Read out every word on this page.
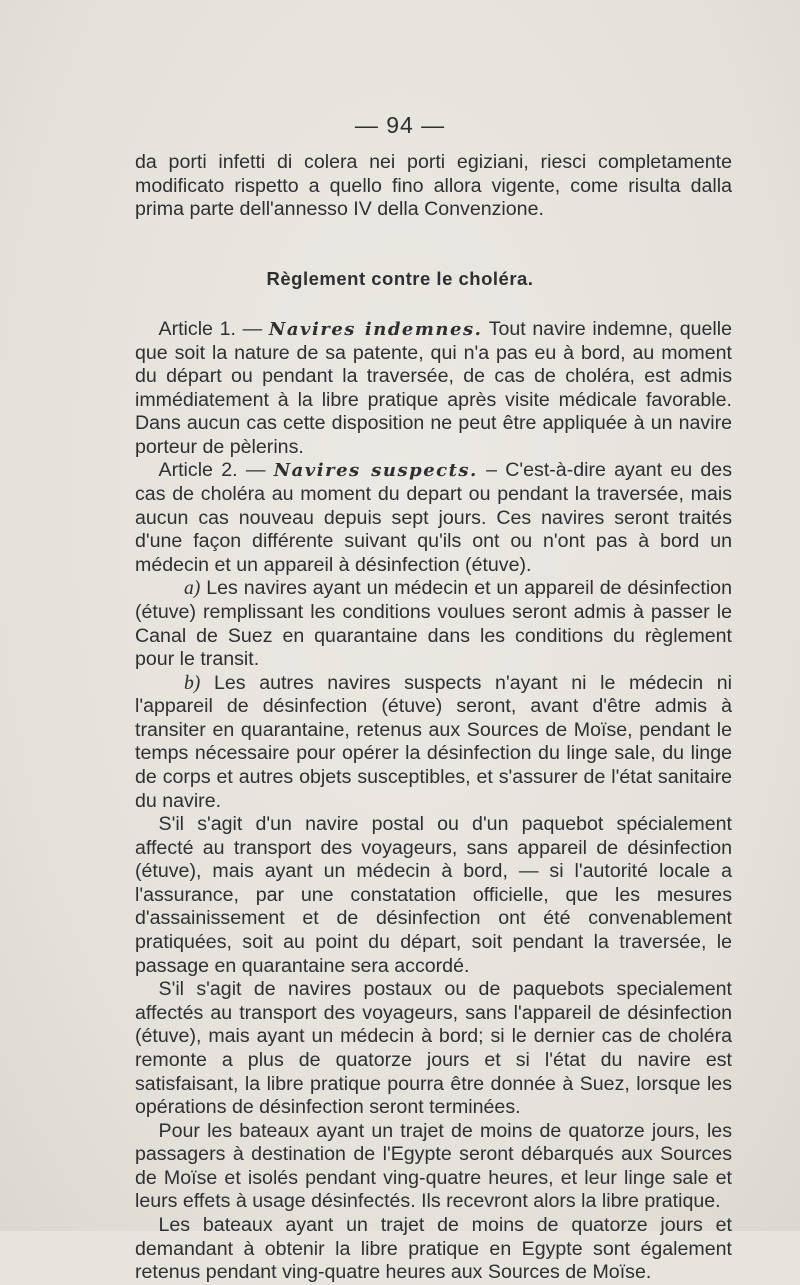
— 94 —

da porti infetti di colera nei porti egiziani, riesci completamente modificato rispetto a quello fino allora vigente, come risulta dalla prima parte dell'annesso IV della Convenzione.

Règlement contre le choléra.

Article 1. — Navires indemnes. Tout navire indemne, quelle que soit la nature de sa patente, qui n'a pas eu à bord, au moment du départ ou pendant la traversée, de cas de choléra, est admis immédiatement à la libre pratique après visite médicale favorable. Dans aucun cas cette disposition ne peut être appliquée à un navire porteur de pèlerins.

Article 2. — Navires suspects. – C'est-à-dire ayant eu des cas de choléra au moment du depart ou pendant la traversée, mais aucun cas nouveau depuis sept jours. Ces navires seront traités d'une façon différente suivant qu'ils ont ou n'ont pas à bord un médecin et un appareil à désinfection (étuve).

a) Les navires ayant un médecin et un appareil de désinfection (étuve) remplissant les conditions voulues seront admis à passer le Canal de Suez en quarantaine dans les conditions du règlement pour le transit.

b) Les autres navires suspects n'ayant ni le médecin ni l'appareil de désinfection (étuve) seront, avant d'être admis à transiter en quarantaine, retenus aux Sources de Moïse, pendant le temps nécessaire pour opérer la désinfection du linge sale, du linge de corps et autres objets susceptibles, et s'assurer de l'état sanitaire du navire.

S'il s'agit d'un navire postal ou d'un paquebot spécialement affecté au transport des voyageurs, sans appareil de désinfection (étuve), mais ayant un médecin à bord, — si l'autorité locale a l'assurance, par une constatation officielle, que les mesures d'assainissement et de désinfection ont été convenablement pratiquées, soit au point du départ, soit pendant la traversée, le passage en quarantaine sera accordé.

S'il s'agit de navires postaux ou de paquebots specialement affectés au transport des voyageurs, sans l'appareil de désinfection (étuve), mais ayant un médecin à bord; si le dernier cas de choléra remonte a plus de quatorze jours et si l'état du navire est satisfaisant, la libre pratique pourra être donnée à Suez, lorsque les opérations de désinfection seront terminées.

Pour les bateaux ayant un trajet de moins de quatorze jours, les passagers à destination de l'Egypte seront débarqués aux Sources de Moïse et isolés pendant ving-quatre heures, et leur linge sale et leurs effets à usage désinfectés. Ils recevront alors la libre pratique.

Les bateaux ayant un trajet de moins de quatorze jours et demandant à obtenir la libre pratique en Egypte sont également retenus pendant ving-quatre heures aux Sources de Moïse.
